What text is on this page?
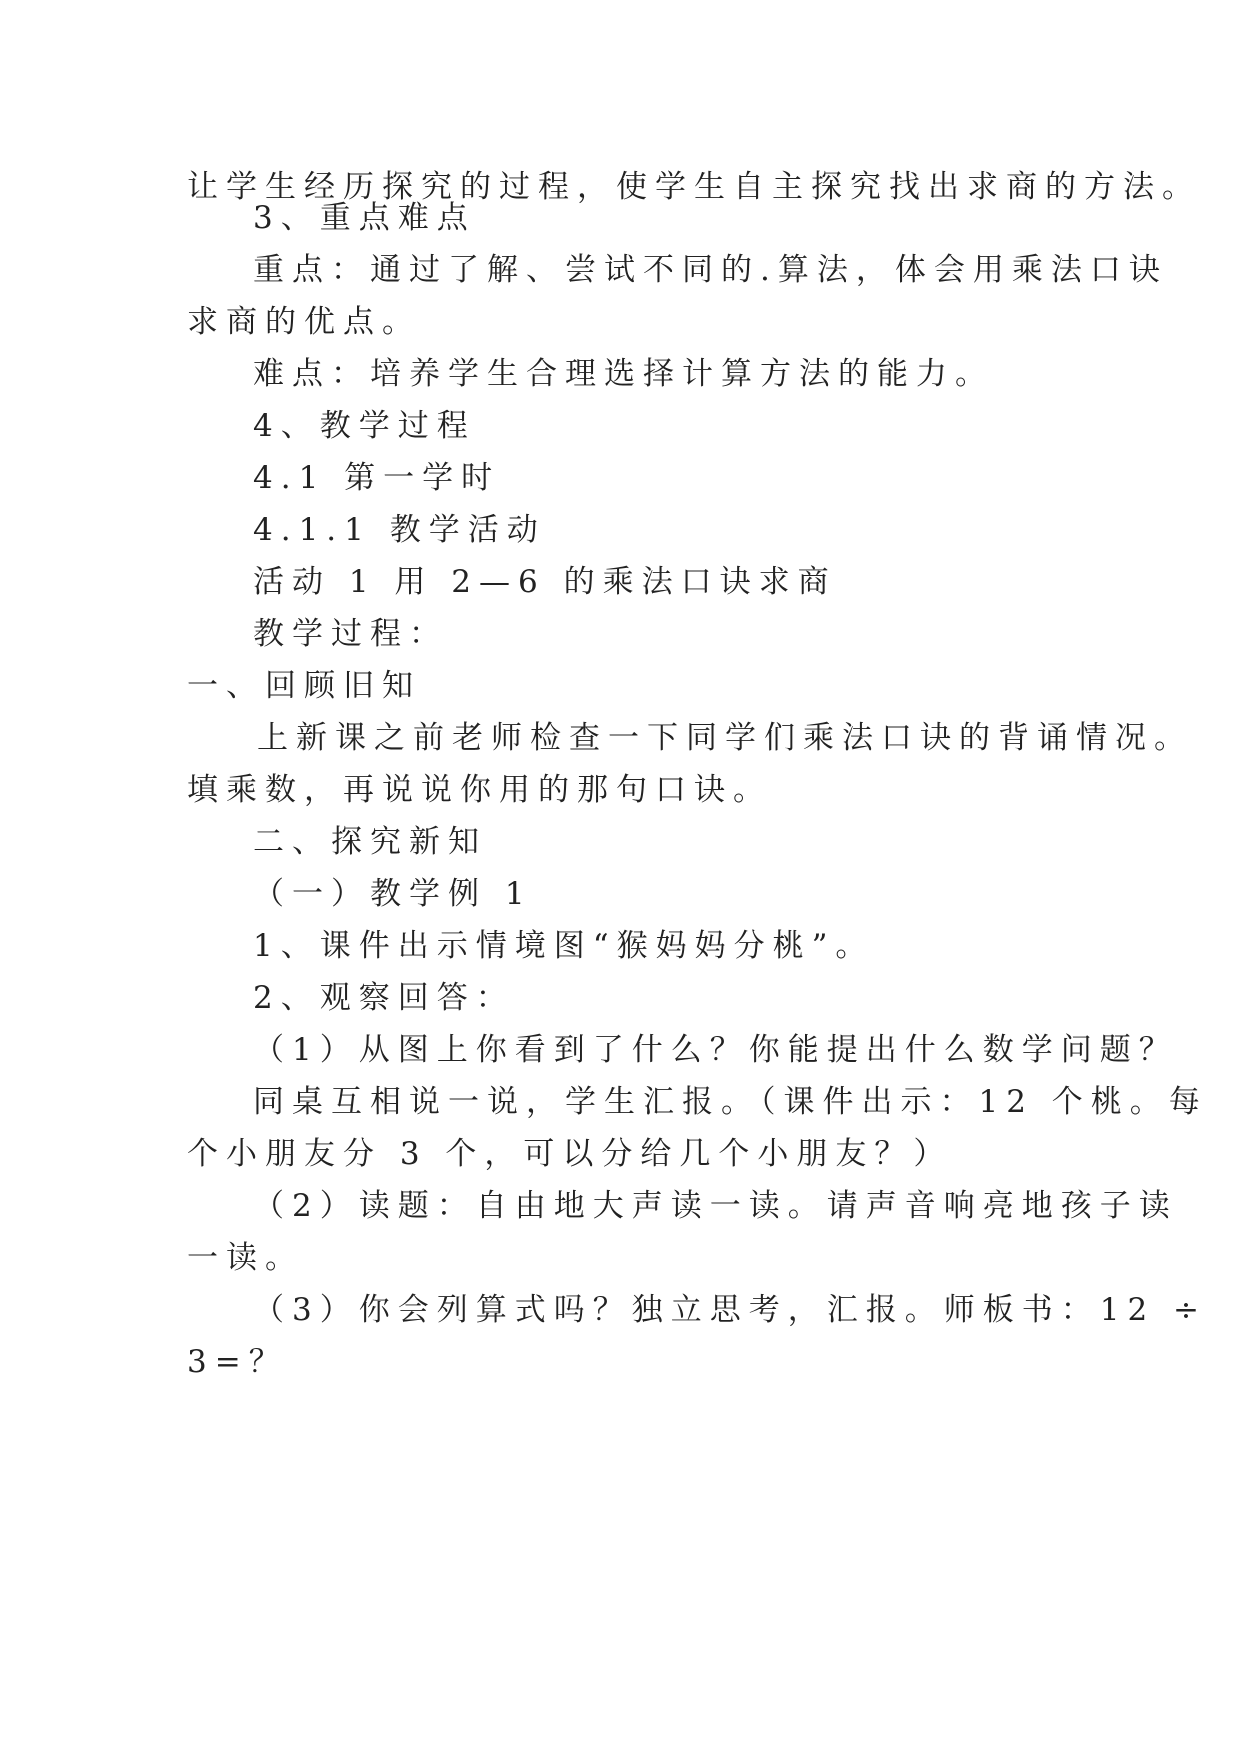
让学生经历探究的过程，使学生自主探究找出求商的方法。
3、重点难点
重点：通过了解、尝试不同的.算法，体会用乘法口诀
求商的优点。
难点：培养学生合理选择计算方法的能力。
4、教学过程
4.1 第一学时
4.1.1 教学活动
活动 1 用 2—6 的乘法口诀求商
教学过程：
一、回顾旧知
上新课之前老师检查一下同学们乘法口诀的背诵情况。
填乘数，再说说你用的那句口诀。
二、探究新知
（一）教学例 1
1、课件出示情境图“猴妈妈分桃”。
2、观察回答：
（1）从图上你看到了什么？你能提出什么数学问题？
同桌互相说一说，学生汇报。（课件出示：12 个桃。每
个小朋友分 3 个，可以分给几个小朋友？）
（2）读题：自由地大声读一读。请声音响亮地孩子读
一读。
（3）你会列算式吗？独立思考，汇报。师板书：12 ÷
3=？
